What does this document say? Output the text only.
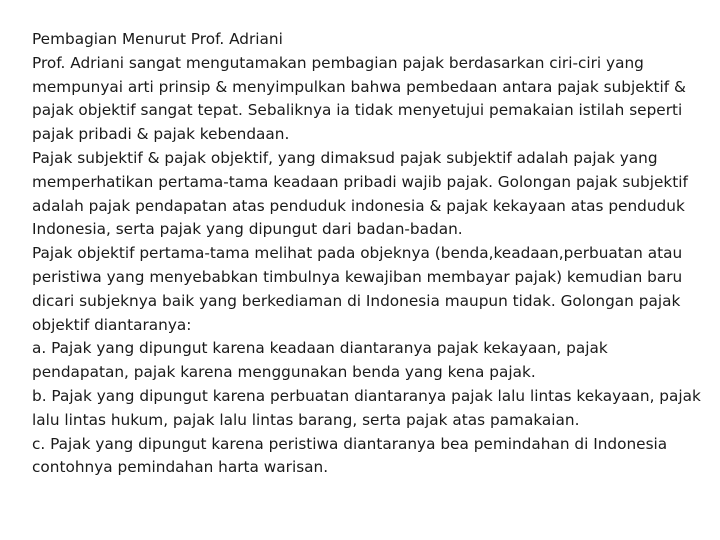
Pembagian Menurut Prof. Adriani

Prof. Adriani sangat mengutamakan pembagian pajak berdasarkan ciri-ciri yang mempunyai arti prinsip & menyimpulkan bahwa pembedaan antara pajak subjektif & pajak objektif sangat tepat. Sebaliknya ia tidak menyetujui pemakaian istilah seperti pajak pribadi & pajak kebendaan.

Pajak subjektif & pajak objektif, yang dimaksud pajak subjektif adalah pajak yang memperhatikan pertama-tama keadaan pribadi wajib pajak. Golongan pajak subjektif adalah pajak pendapatan atas penduduk indonesia & pajak kekayaan atas penduduk Indonesia, serta pajak yang dipungut dari badan-badan.

Pajak objektif pertama-tama melihat pada objeknya (benda,keadaan,perbuatan atau peristiwa yang menyebabkan timbulnya kewajiban membayar pajak) kemudian baru dicari subjeknya baik yang berkediaman di Indonesia maupun tidak. Golongan pajak objektif diantaranya:

a. Pajak yang dipungut karena keadaan diantaranya pajak kekayaan, pajak pendapatan, pajak karena menggunakan benda yang kena pajak.

b. Pajak yang dipungut karena perbuatan diantaranya pajak lalu lintas kekayaan, pajak lalu lintas hukum, pajak lalu lintas barang, serta pajak atas pamakaian.

c. Pajak yang dipungut karena peristiwa diantaranya bea pemindahan di Indonesia contohnya pemindahan harta warisan.
